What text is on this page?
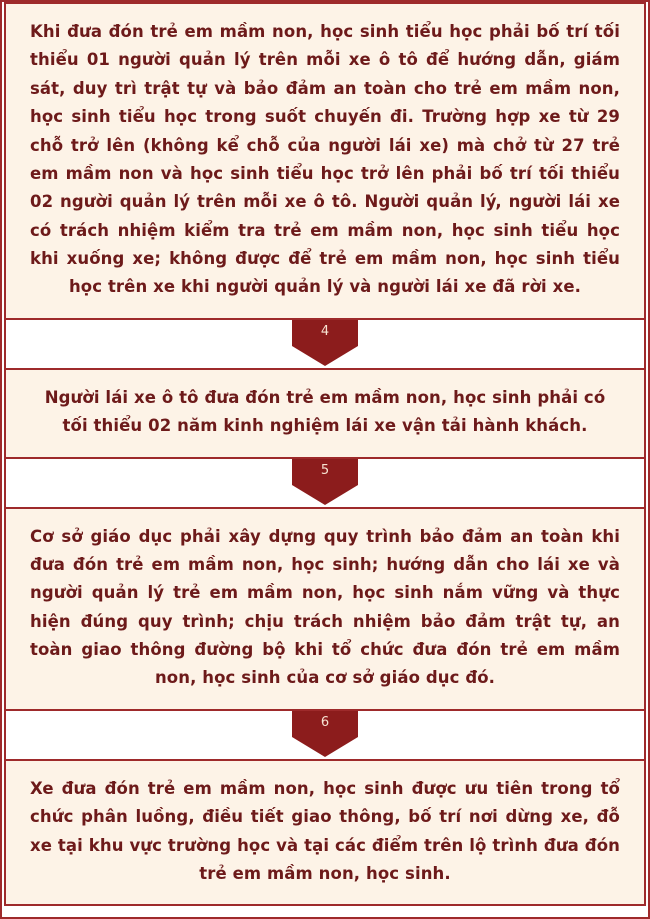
Khi đưa đón trẻ em mầm non, học sinh tiểu học phải bố trí tối thiểu 01 người quản lý trên mỗi xe ô tô để hướng dẫn, giám sát, duy trì trật tự và bảo đảm an toàn cho trẻ em mầm non, học sinh tiểu học trong suốt chuyến đi. Trường hợp xe từ 29 chỗ trở lên (không kể chỗ của người lái xe) mà chở từ 27 trẻ em mầm non và học sinh tiểu học trở lên phải bố trí tối thiểu 02 người quản lý trên mỗi xe ô tô. Người quản lý, người lái xe có trách nhiệm kiểm tra trẻ em mầm non, học sinh tiểu học khi xuống xe; không được để trẻ em mầm non, học sinh tiểu học trên xe khi người quản lý và người lái xe đã rời xe.
4
Người lái xe ô tô đưa đón trẻ em mầm non, học sinh phải có tối thiểu 02 năm kinh nghiệm lái xe vận tải hành khách.
5
Cơ sở giáo dục phải xây dựng quy trình bảo đảm an toàn khi đưa đón trẻ em mầm non, học sinh; hướng dẫn cho lái xe và người quản lý trẻ em mầm non, học sinh nắm vững và thực hiện đúng quy trình; chịu trách nhiệm bảo đảm trật tự, an toàn giao thông đường bộ khi tổ chức đưa đón trẻ em mầm non, học sinh của cơ sở giáo dục đó.
6
Xe đưa đón trẻ em mầm non, học sinh được ưu tiên trong tổ chức phân luồng, điều tiết giao thông, bố trí nơi dừng xe, đỗ xe tại khu vực trường học và tại các điểm trên lộ trình đưa đón trẻ em mầm non, học sinh.
